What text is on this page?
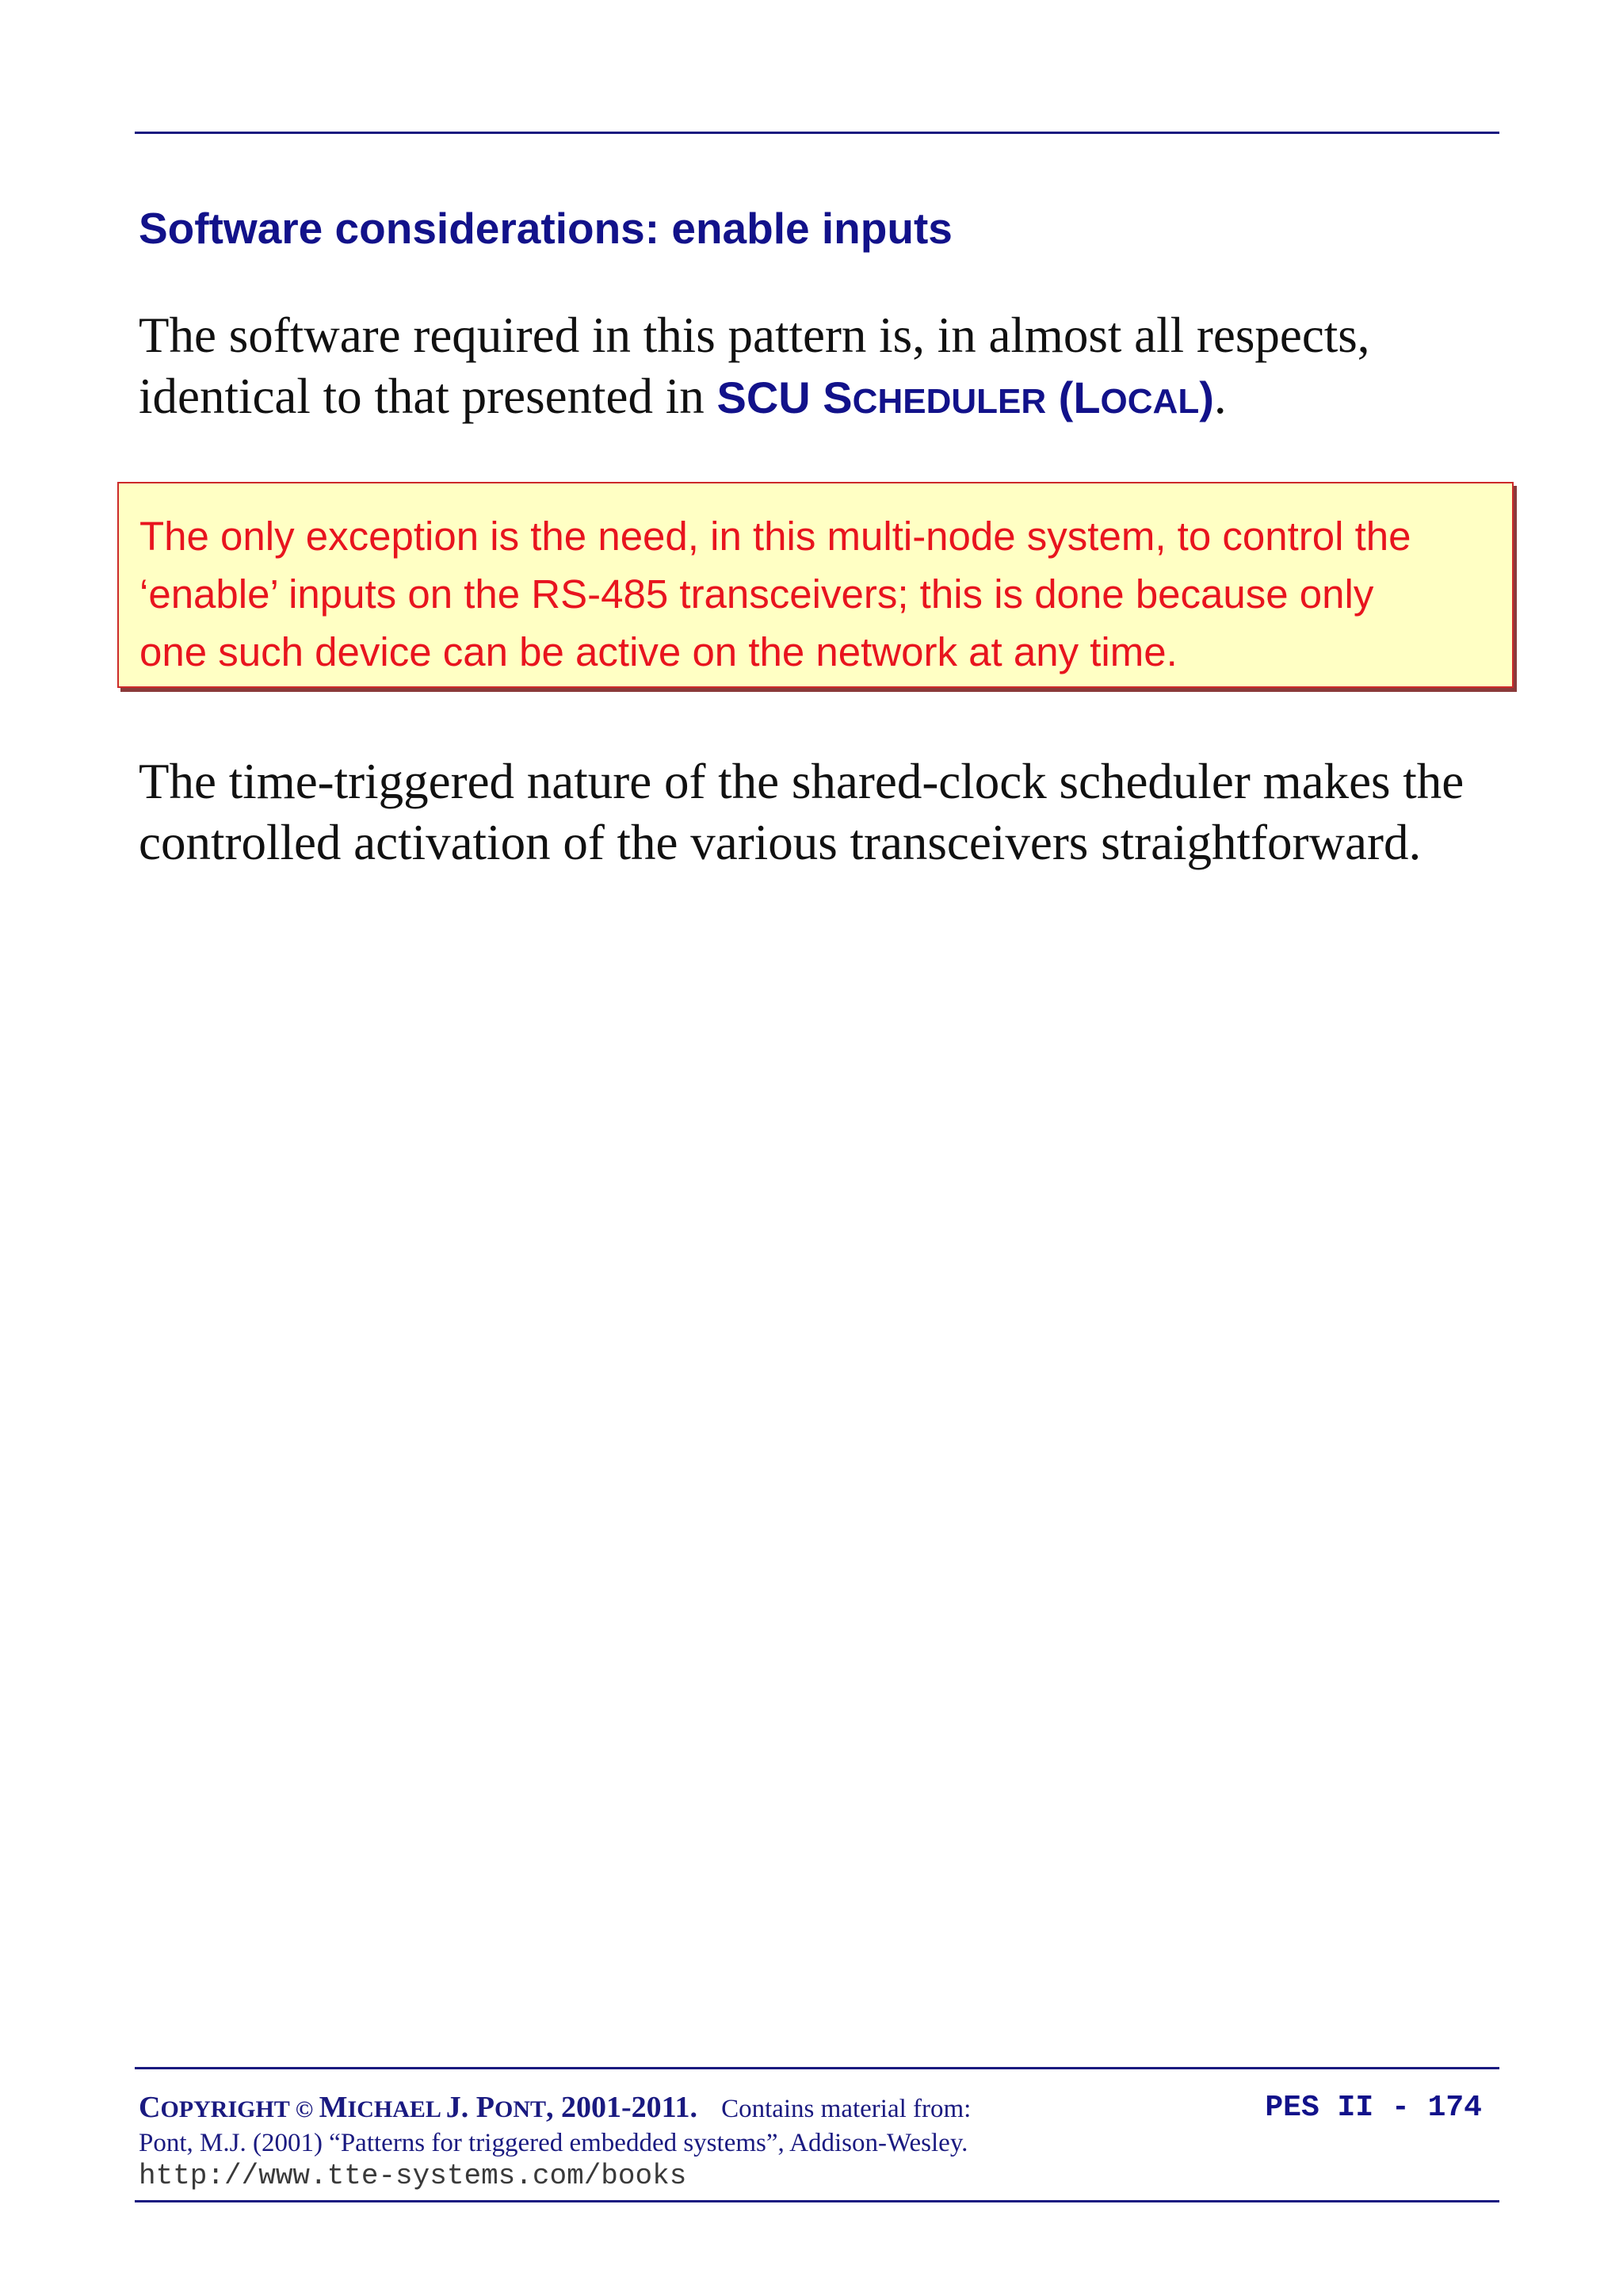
Software considerations: enable inputs

The software required in this pattern is, in almost all respects,
identical to that presented in SCU SCHEDULER (LOCAL).

The only exception is the need, in this multi-node system, to control the
‘enable’ inputs on the RS-485 transceivers; this is done because only
one such device can be active on the network at any time.

The time-triggered nature of the shared-clock scheduler makes the
controlled activation of the various transceivers straightforward.

COPYRIGHT © MICHAEL J. PONT, 2001-2011. Contains material from:
Pont, M.J. (2001) “Patterns for triggered embedded systems”, Addison-Wesley.
http://www.tte-systems.com/books
PES II - 174
